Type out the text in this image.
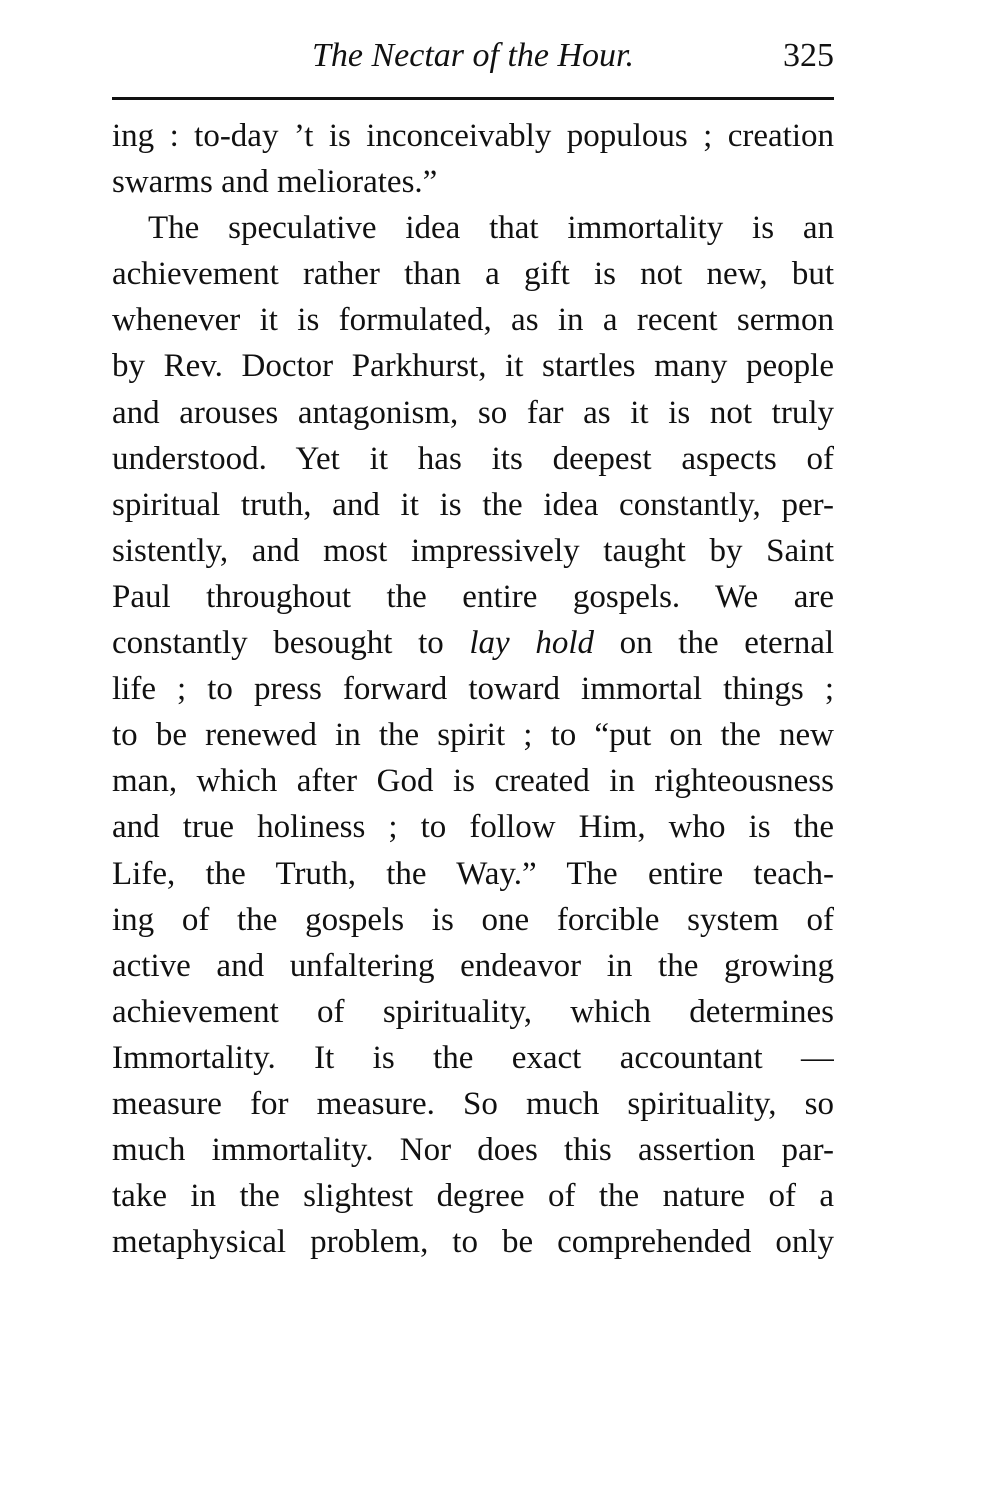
The Nectar of the Hour.	325
ing : to-day ’t is inconceivably populous ; creation
swarms and meliorates.”
The speculative idea that immortality is an
achievement rather than a gift is not new, but
whenever it is formulated, as in a recent sermon
by Rev. Doctor Parkhurst, it startles many people
and arouses antagonism, so far as it is not truly
understood. Yet it has its deepest aspects of
spiritual truth, and it is the idea constantly, per-
sistently, and most impressively taught by Saint
Paul throughout the entire gospels. We are
constantly besought to lay hold on the eternal
life ; to press forward toward immortal things ;
to be renewed in the spirit ; to “put on the new
man, which after God is created in righteousness
and true holiness ; to follow Him, who is the
Life, the Truth, the Way.” The entire teach-
ing of the gospels is one forcible system of
active and unfaltering endeavor in the growing
achievement of spirituality, which determines
Immortality. It is the exact accountant —
measure for measure. So much spirituality, so
much immortality. Nor does this assertion par-
take in the slightest degree of the nature of a
metaphysical problem, to be comprehended only
